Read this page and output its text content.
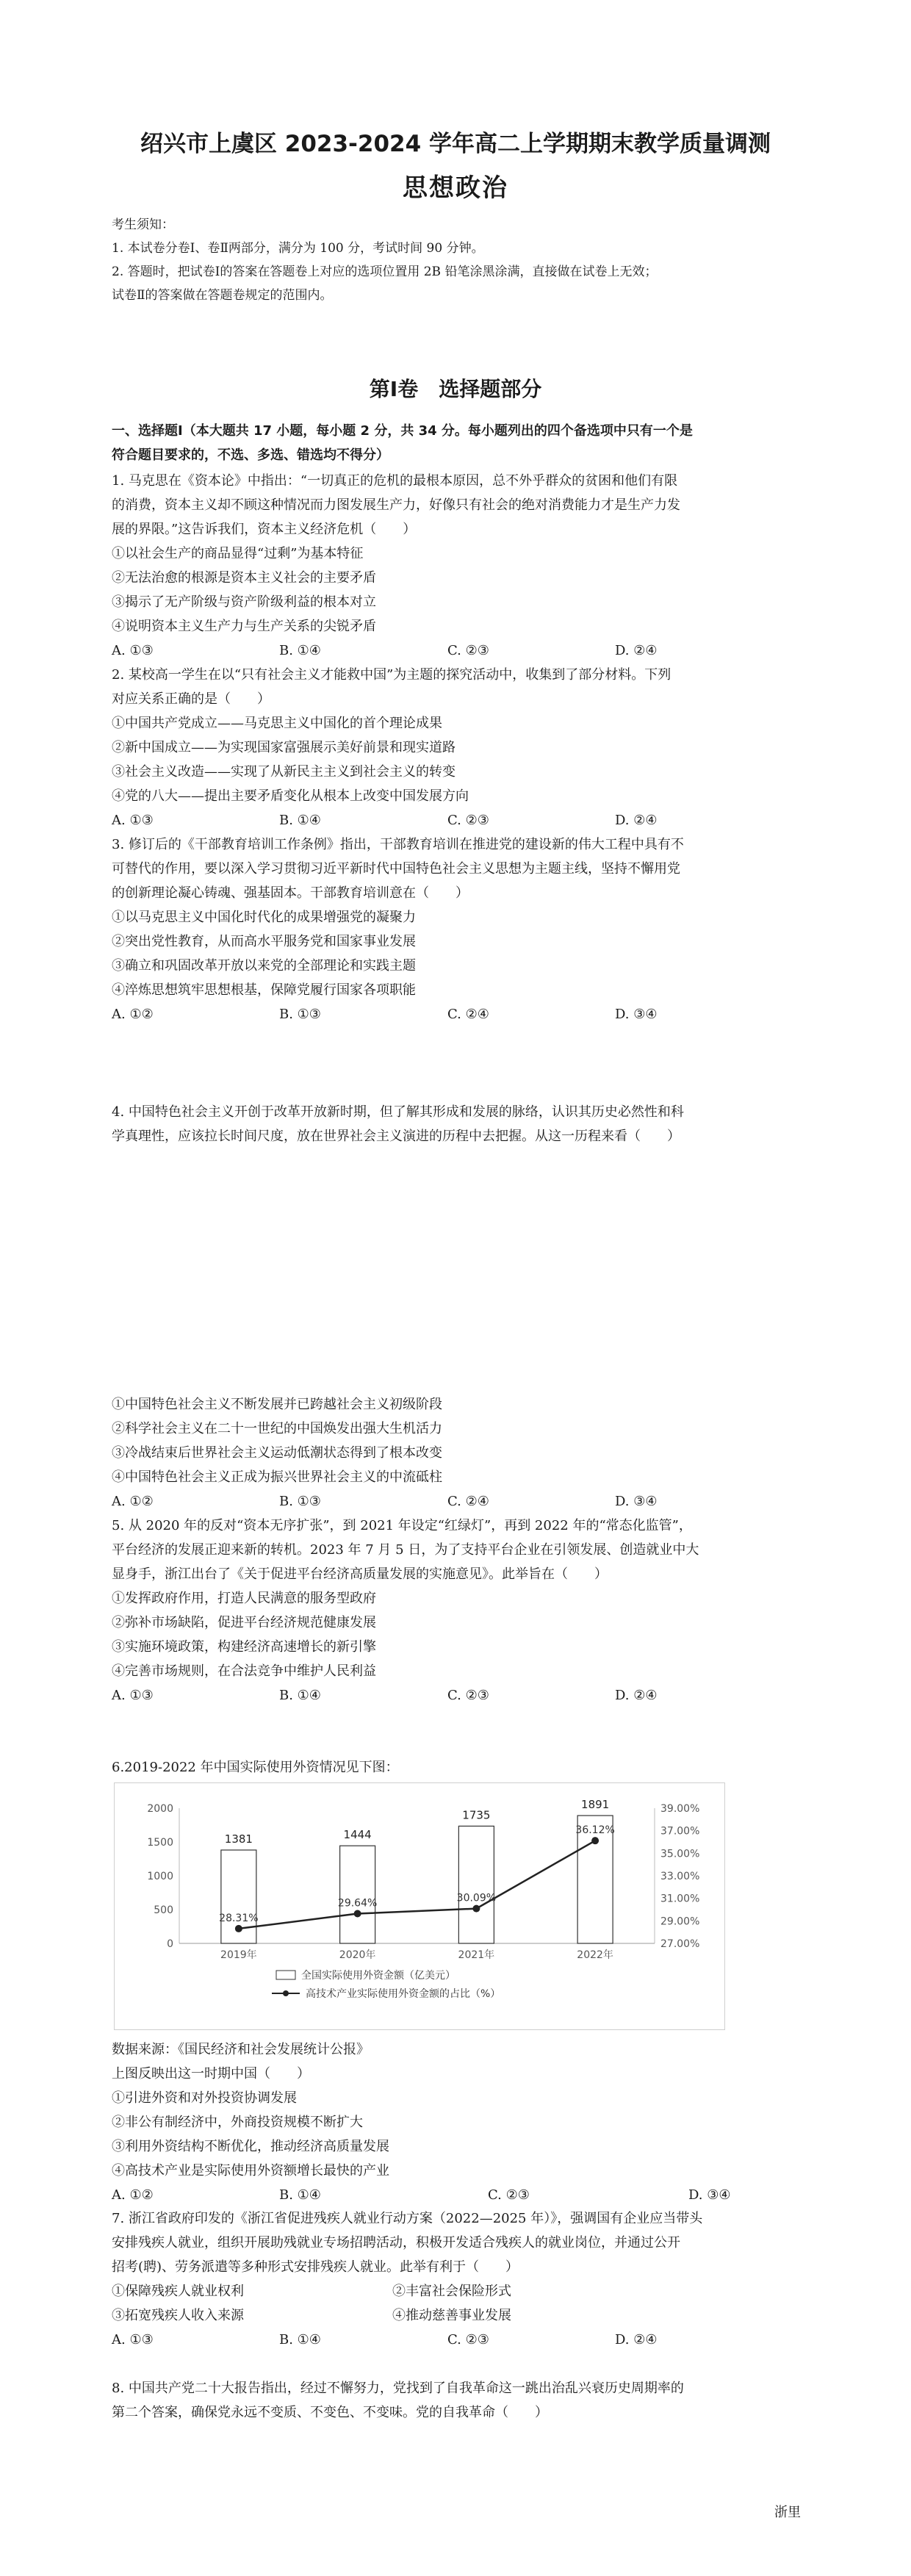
绍兴市上虞区 2023-2024 学年高二上学期期末教学质量调测
思想政治
考生须知：
1. 本试卷分卷Ⅰ、卷Ⅱ两部分，满分为 100 分，考试时间 90 分钟。
2. 答题时，把试卷Ⅰ的答案在答题卷上对应的选项位置用 2B 铅笔涂黑涂满，直接做在试卷上无效；
试卷Ⅱ的答案做在答题卷规定的范围内。
第Ⅰ卷　选择题部分
一、选择题Ⅰ（本大题共 17 小题，每小题 2 分，共 34 分。每小题列出的四个备选项中只有一个是
符合题目要求的，不选、多选、错选均不得分）
1. 马克思在《资本论》中指出：“一切真正的危机的最根本原因，总不外乎群众的贫困和他们有限
的消费，资本主义却不顾这种情况而力图发展生产力，好像只有社会的绝对消费能力才是生产力发
展的界限。”这告诉我们，资本主义经济危机（　　）
①以社会生产的商品显得“过剩”为基本特征
②无法治愈的根源是资本主义社会的主要矛盾
③揭示了无产阶级与资产阶级利益的根本对立
④说明资本主义生产力与生产关系的尖锐矛盾
A. ①③	B. ①④	C. ②③	D. ②④
2. 某校高一学生在以“只有社会主义才能救中国”为主题的探究活动中，收集到了部分材料。下列
对应关系正确的是（　　）
①中国共产党成立——马克思主义中国化的首个理论成果
②新中国成立——为实现国家富强展示美好前景和现实道路
③社会主义改造——实现了从新民主主义到社会主义的转变
④党的八大——提出主要矛盾变化从根本上改变中国发展方向
A. ①③	B. ①④	C. ②③	D. ②④
3. 修订后的《干部教育培训工作条例》指出，干部教育培训在推进党的建设新的伟大工程中具有不
可替代的作用，要以深入学习贯彻习近平新时代中国特色社会主义思想为主题主线，坚持不懈用党
的创新理论凝心铸魂、强基固本。干部教育培训意在（　　）
①以马克思主义中国化时代化的成果增强党的凝聚力
②突出党性教育，从而高水平服务党和国家事业发展
③确立和巩固改革开放以来党的全部理论和实践主题
④淬炼思想筑牢思想根基，保障党履行国家各项职能
A. ①②	B. ①③	C. ②④	D. ③④
4. 中国特色社会主义开创于改革开放新时期，但了解其形成和发展的脉络，认识其历史必然性和科
学真理性，应该拉长时间尺度，放在世界社会主义演进的历程中去把握。从这一历程来看（　　）
①中国特色社会主义不断发展并已跨越社会主义初级阶段
②科学社会主义在二十一世纪的中国焕发出强大生机活力
③冷战结束后世界社会主义运动低潮状态得到了根本改变
④中国特色社会主义正成为振兴世界社会主义的中流砥柱
A. ①②	B. ①③	C. ②④	D. ③④
5. 从 2020 年的反对“资本无序扩张”，到 2021 年设定“红绿灯”，再到 2022 年的“常态化监管”，
平台经济的发展正迎来新的转机。2023 年 7 月 5 日，为了支持平台企业在引领发展、创造就业中大
显身手，浙江出台了《关于促进平台经济高质量发展的实施意见》。此举旨在（　　）
①发挥政府作用，打造人民满意的服务型政府
②弥补市场缺陷，促进平台经济规范健康发展
③实施环境政策，构建经济高速增长的新引擎
④完善市场规则，在合法竞争中维护人民利益
A. ①③	B. ①④	C. ②③	D. ②④
6.2019-2022 年中国实际使用外资情况见下图：
0
500
1000
1500
2000
27.00%
29.00%
31.00%
33.00%
35.00%
37.00%
39.00%
1381
2019年
1444
2020年
1735
2021年
1891
2022年
28.31%
29.64%	30.09%
36.12%
全国实际使用外资金额（亿美元）
高技术产业实际使用外资金额的占比（%）
数据来源：《国民经济和社会发展统计公报》
上图反映出这一时期中国（　　）
①引进外资和对外投资协调发展
②非公有制经济中，外商投资规模不断扩大
③利用外资结构不断优化，推动经济高质量发展
④高技术产业是实际使用外资额增长最快的产业
A. ①②	B. ①④	C. ②③	D. ③④
7. 浙江省政府印发的《浙江省促进残疾人就业行动方案（2022—2025 年）》，强调国有企业应当带头
安排残疾人就业，组织开展助残就业专场招聘活动，积极开发适合残疾人的就业岗位，并通过公开
招考(聘)、劳务派遣等多种形式安排残疾人就业。此举有利于（　　）
①保障残疾人就业权利	②丰富社会保险形式
③拓宽残疾人收入来源	④推动慈善事业发展
A. ①③	B. ①④	C. ②③	D. ②④
8. 中国共产党二十大报告指出，经过不懈努力，党找到了自我革命这一跳出治乱兴衰历史周期率的
第二个答案，确保党永远不变质、不变色、不变味。党的自我革命（　　）
浙里
